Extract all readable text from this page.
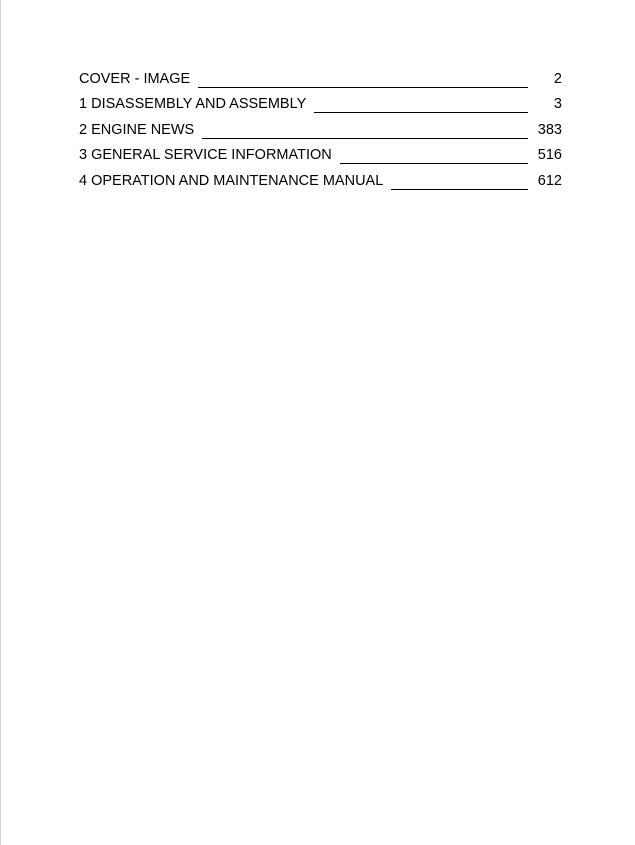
COVER - IMAGE	2
1 DISASSEMBLY AND ASSEMBLY	3
2 ENGINE NEWS	383
3 GENERAL SERVICE INFORMATION	516
4 OPERATION AND MAINTENANCE MANUAL	612
